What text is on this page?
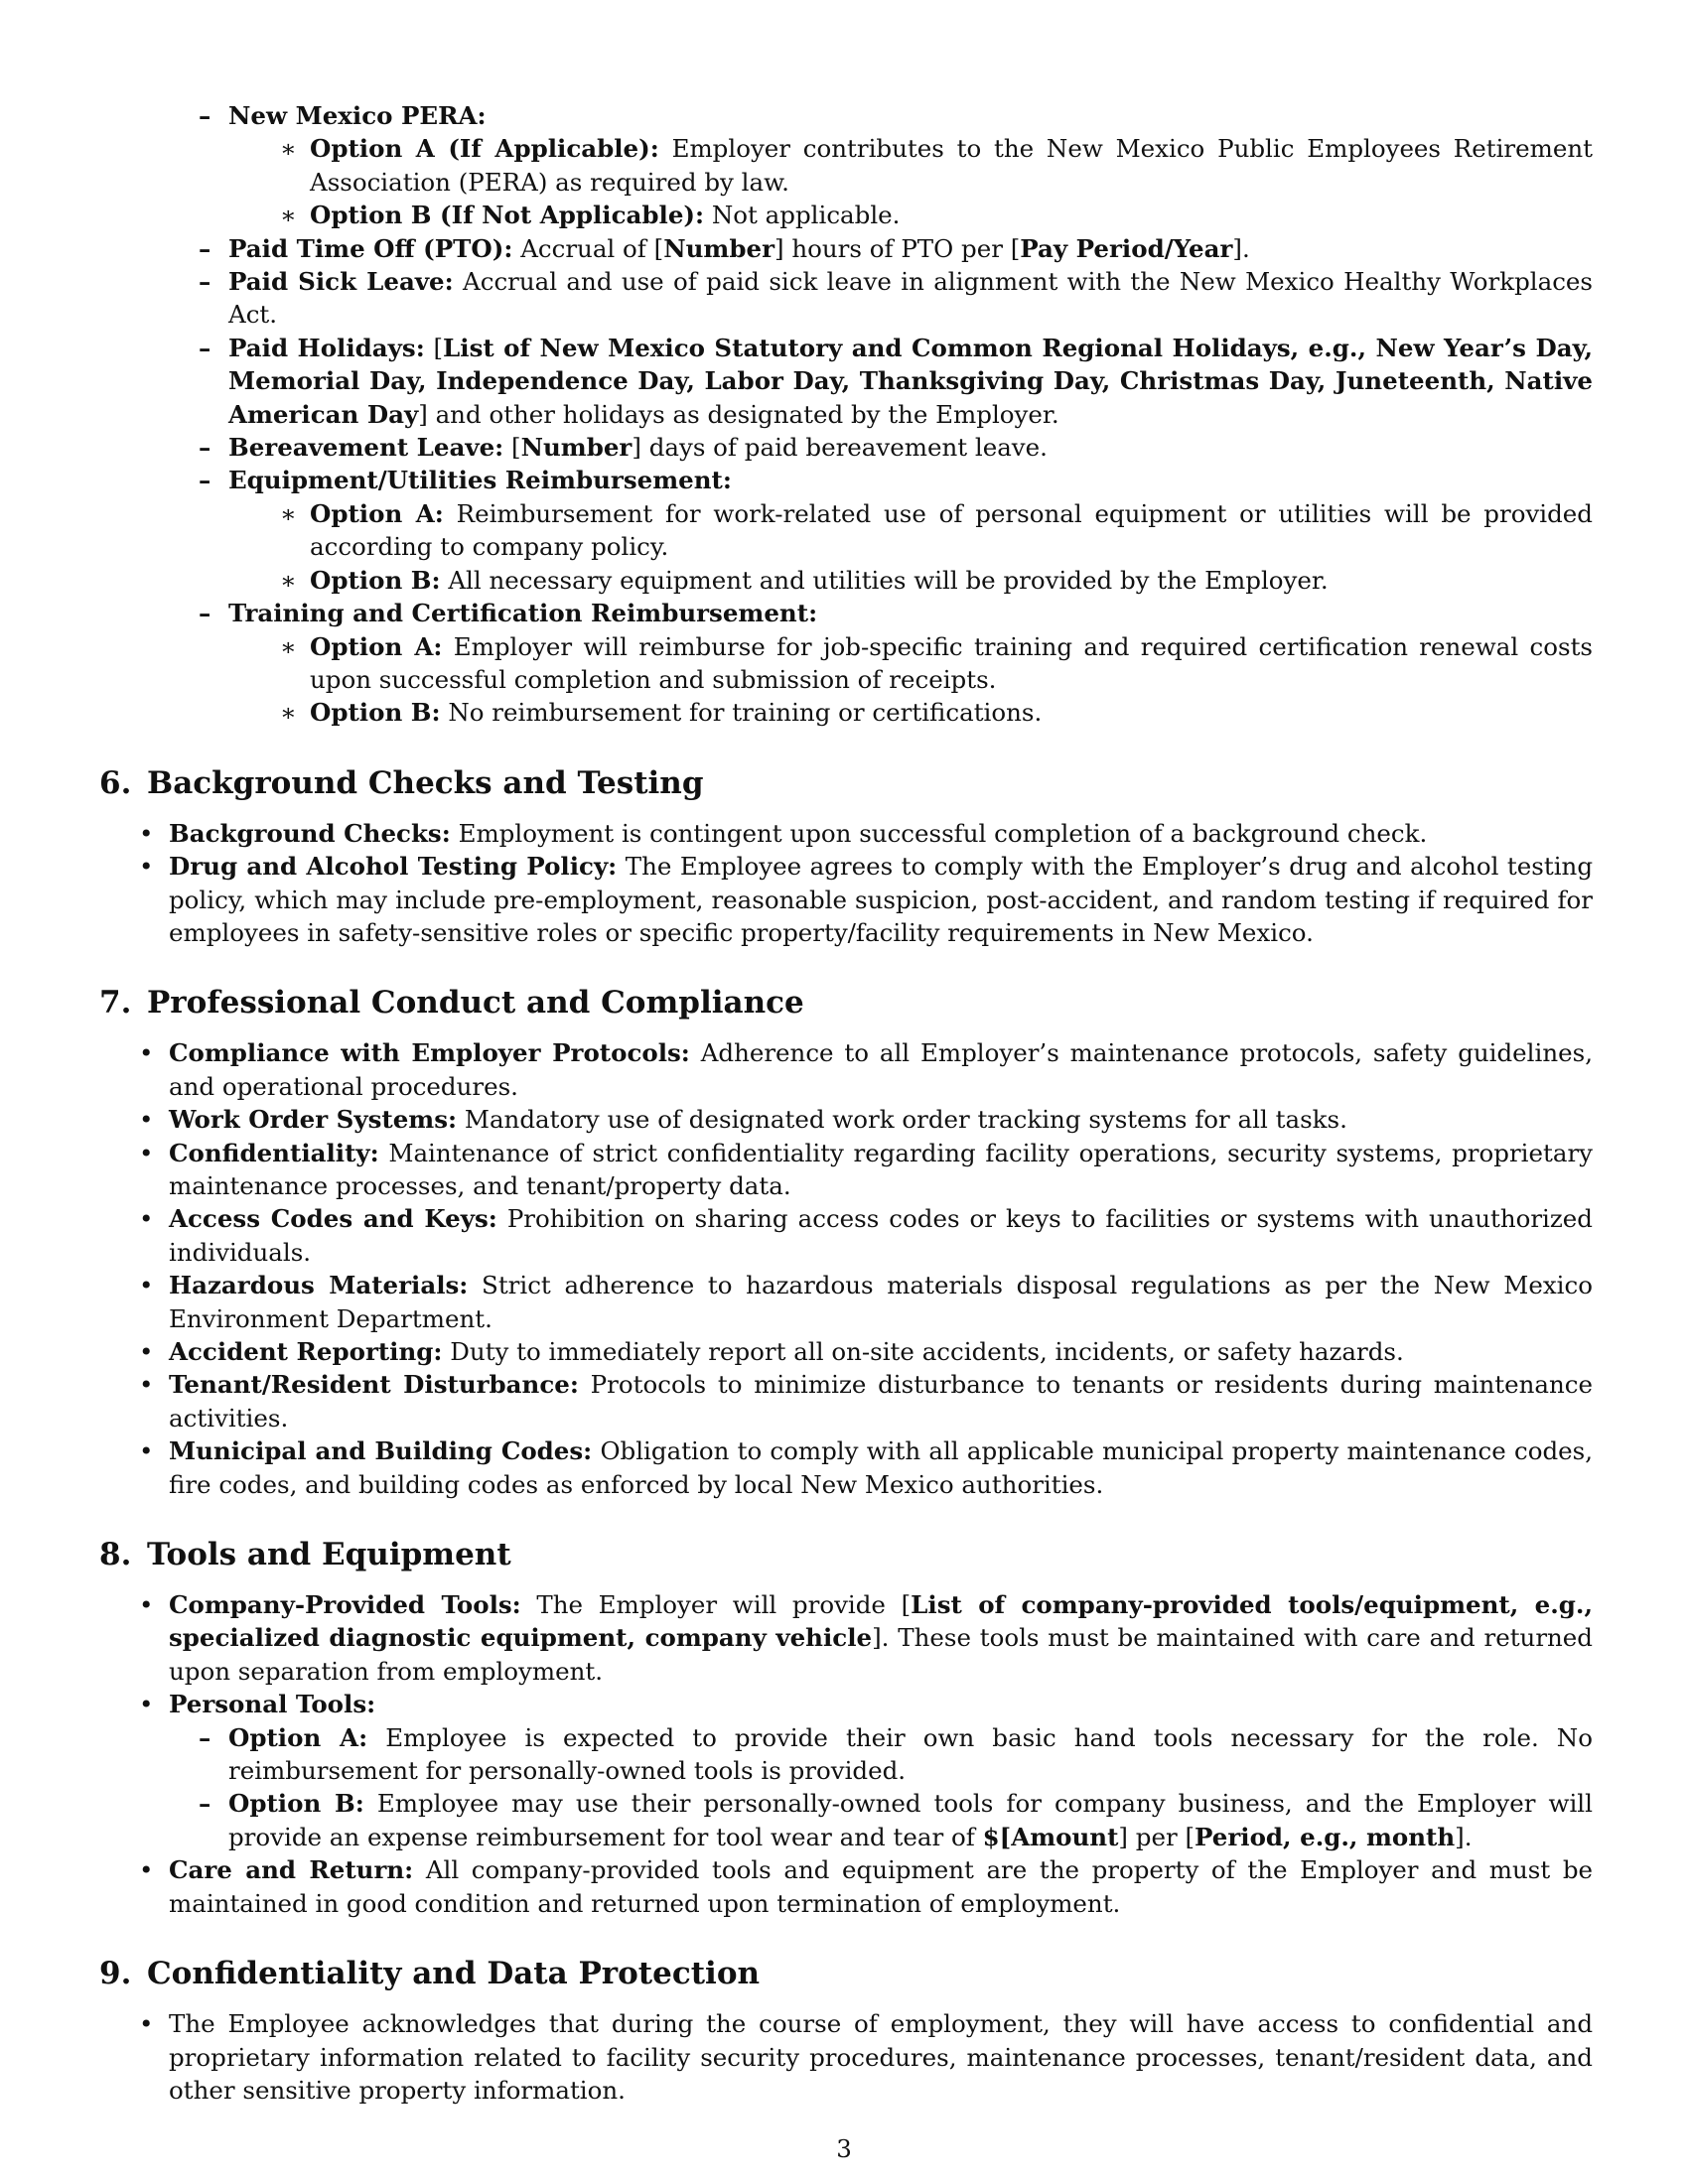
– New Mexico PERA:
∗ Option A (If Applicable): Employer contributes to the New Mexico Public Employees Retirement Association (PERA) as required by law.
∗ Option B (If Not Applicable): Not applicable.
– Paid Time Off (PTO): Accrual of [Number] hours of PTO per [Pay Period/Year].
– Paid Sick Leave: Accrual and use of paid sick leave in alignment with the New Mexico Healthy Workplaces Act.
– Paid Holidays: [List of New Mexico Statutory and Common Regional Holidays, e.g., New Year’s Day, Memorial Day, Independence Day, Labor Day, Thanksgiving Day, Christmas Day, Juneteenth, Native American Day] and other holidays as designated by the Employer.
– Bereavement Leave: [Number] days of paid bereavement leave.
– Equipment/Utilities Reimbursement:
∗ Option A: Reimbursement for work-related use of personal equipment or utilities will be provided according to company policy.
∗ Option B: All necessary equipment and utilities will be provided by the Employer.
– Training and Certification Reimbursement:
∗ Option A: Employer will reimburse for job-specific training and required certification renewal costs upon successful completion and submission of receipts.
∗ Option B: No reimbursement for training or certifications.
6. Background Checks and Testing
• Background Checks: Employment is contingent upon successful completion of a background check.
• Drug and Alcohol Testing Policy: The Employee agrees to comply with the Employer’s drug and alcohol testing policy, which may include pre-employment, reasonable suspicion, post-accident, and random testing if required for employees in safety-sensitive roles or specific property/facility requirements in New Mexico.
7. Professional Conduct and Compliance
• Compliance with Employer Protocols: Adherence to all Employer’s maintenance protocols, safety guidelines, and operational procedures.
• Work Order Systems: Mandatory use of designated work order tracking systems for all tasks.
• Confidentiality: Maintenance of strict confidentiality regarding facility operations, security systems, proprietary maintenance processes, and tenant/property data.
• Access Codes and Keys: Prohibition on sharing access codes or keys to facilities or systems with unauthorized individuals.
• Hazardous Materials: Strict adherence to hazardous materials disposal regulations as per the New Mexico Environment Department.
• Accident Reporting: Duty to immediately report all on-site accidents, incidents, or safety hazards.
• Tenant/Resident Disturbance: Protocols to minimize disturbance to tenants or residents during maintenance activities.
• Municipal and Building Codes: Obligation to comply with all applicable municipal property maintenance codes, fire codes, and building codes as enforced by local New Mexico authorities.
8. Tools and Equipment
• Company-Provided Tools: The Employer will provide [List of company-provided tools/equipment, e.g., specialized diagnostic equipment, company vehicle]. These tools must be maintained with care and returned upon separation from employment.
• Personal Tools:
– Option A: Employee is expected to provide their own basic hand tools necessary for the role. No reimbursement for personally-owned tools is provided.
– Option B: Employee may use their personally-owned tools for company business, and the Employer will provide an expense reimbursement for tool wear and tear of $[Amount] per [Period, e.g., month].
• Care and Return: All company-provided tools and equipment are the property of the Employer and must be maintained in good condition and returned upon termination of employment.
9. Confidentiality and Data Protection
• The Employee acknowledges that during the course of employment, they will have access to confidential and proprietary information related to facility security procedures, maintenance processes, tenant/resident data, and other sensitive property information.
3
